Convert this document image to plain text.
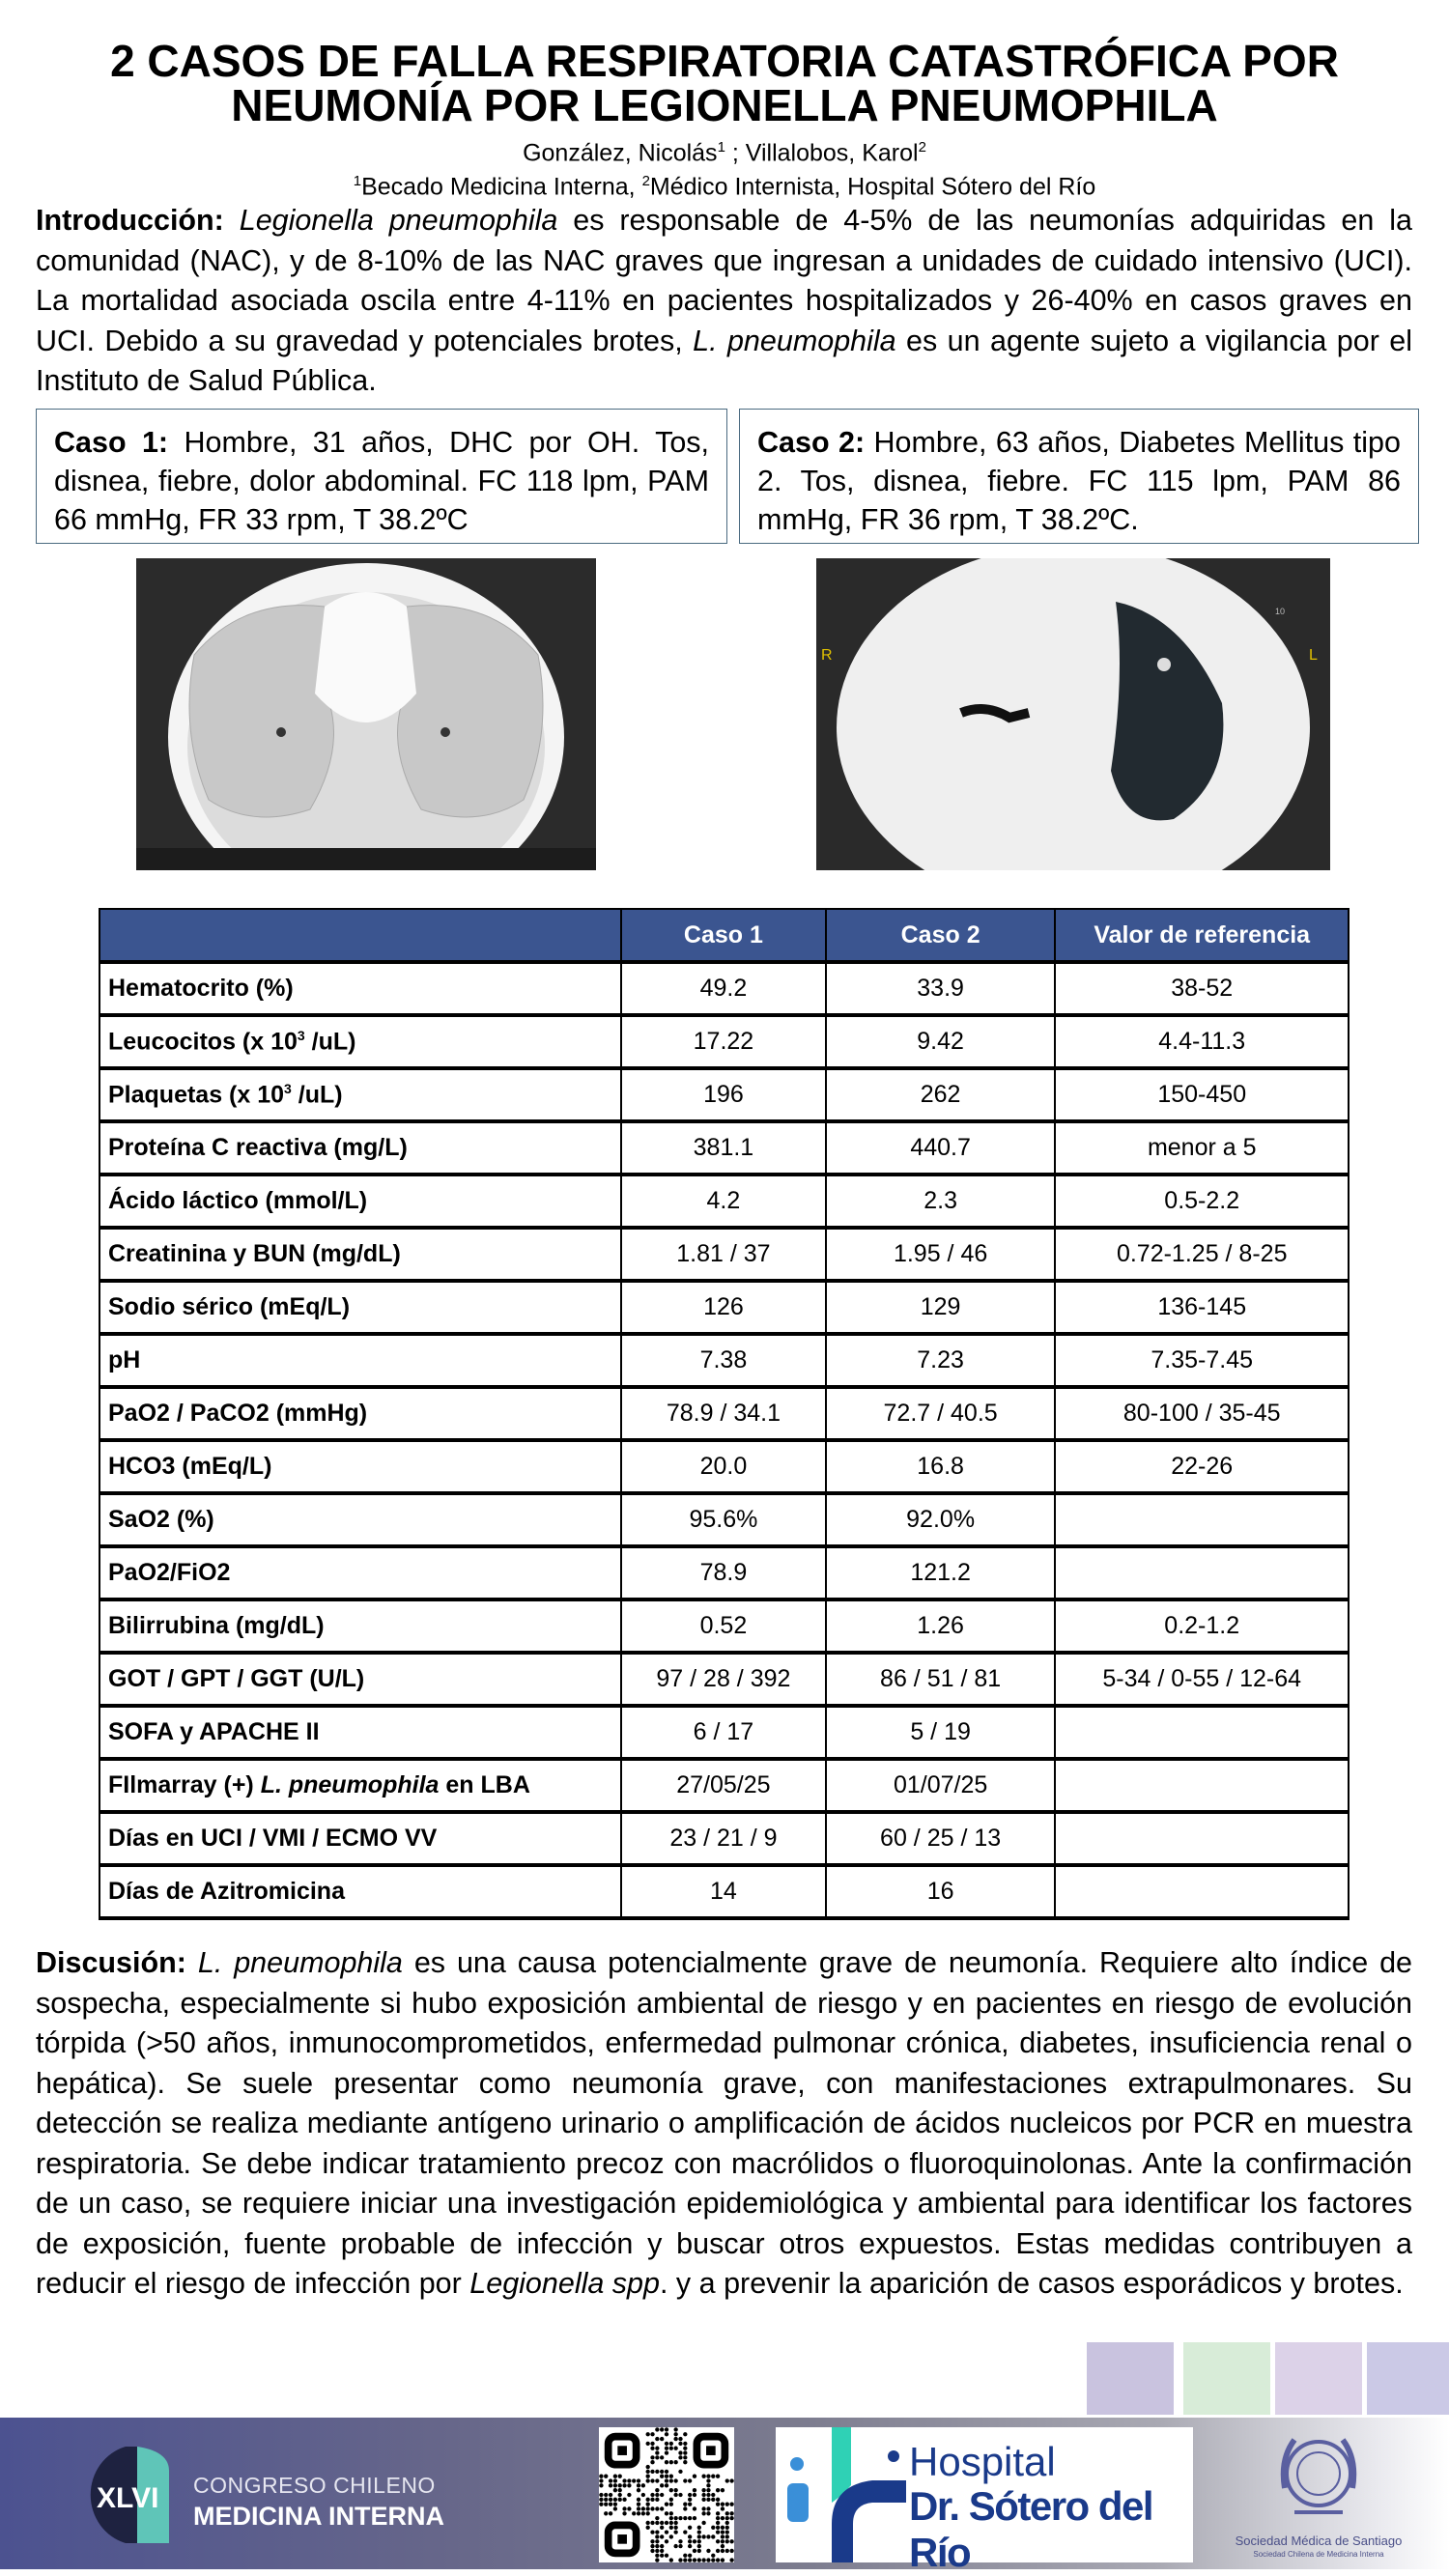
2 CASOS DE FALLA RESPIRATORIA CATASTRÓFICA POR
NEUMONÍA POR LEGIONELLA PNEUMOPHILA
González, Nicolás$^1$ ; Villalobos, Karol$^2$
$^1$Becado Medicina Interna, $^2$Médico Internista, Hospital Sótero del Río
Introducción: Legionella pneumophila es responsable de 4-5% de las neumonías adquiridas en la comunidad (NAC), y de 8-10% de las NAC graves que ingresan a unidades de cuidado intensivo (UCI). La mortalidad asociada oscila entre 4-11% en pacientes hospitalizados y 26-40% en casos graves en UCI. Debido a su gravedad y potenciales brotes, L. pneumophila es un agente sujeto a vigilancia por el Instituto de Salud Pública.
Caso 1: Hombre, 31 años, DHC por OH. Tos, disnea, fiebre, dolor abdominal. FC 118 lpm, PAM 66 mmHg, FR 33 rpm, T 38.2ºC
Caso 2: Hombre, 63 años, Diabetes Mellitus tipo 2. Tos, disnea, fiebre. FC 115 lpm, PAM 86 mmHg, FR 36 rpm, T 38.2ºC.
R	L
10
	Caso 1	Caso 2	Valor de referencia
Hematocrito (%)	49.2	33.9	38-52
Leucocitos (x $10^3$ /uL)	17.22	9.42	4.4-11.3
Plaquetas (x $10^3$ /uL)	196	262	150-450
Proteína C reactiva (mg/L)	381.1	440.7	menor a 5
Ácido láctico (mmol/L)	4.2	2.3	0.5-2.2
Creatinina y BUN (mg/dL)	1.81 / 37	1.95 / 46	0.72-1.25 / 8-25
Sodio sérico (mEq/L)	126	129	136-145
pH	7.38	7.23	7.35-7.45
PaO2 / PaCO2 (mmHg)	78.9 / 34.1	72.7 / 40.5	80-100 / 35-45
HCO3 (mEq/L)	20.0	16.8	22-26
SaO2 (%)	95.6%	92.0%	
PaO2/FiO2	78.9	121.2	
Bilirrubina (mg/dL)	0.52	1.26	0.2-1.2
GOT / GPT / GGT (U/L)	97 / 28 / 392	86 / 51 / 81	5-34 / 0-55 / 12-64
SOFA y APACHE II	6 / 17	5 / 19	
FIlmarray (+) L. pneumophila en LBA	27/05/25	01/07/25	
Días en UCI / VMI / ECMO VV	23 / 21 / 9	60 / 25 / 13	
Días de Azitromicina	14	16	
Discusión: L. pneumophila es una causa potencialmente grave de neumonía. Requiere alto índice de sospecha, especialmente si hubo exposición ambiental de riesgo y en pacientes en riesgo de evolución tórpida (>50 años, inmunocomprometidos, enfermedad pulmonar crónica, diabetes, insuficiencia renal o hepática). Se suele presentar como neumonía grave, con manifestaciones extrapulmonares. Su detección se realiza mediante antígeno urinario o amplificación de ácidos nucleicos por PCR en muestra respiratoria. Se debe indicar tratamiento precoz con macrólidos o fluoroquinolonas. Ante la confirmación de un caso, se requiere iniciar una investigación epidemiológica y ambiental para identificar los factores de exposición, fuente probable de infección y buscar otros expuestos. Estas medidas contribuyen a reducir el riesgo de infección por Legionella spp. y a prevenir la aparición de casos esporádicos y brotes.
XLVI CONGRESO CHILENO
MEDICINA INTERNA
Hospital
Dr. Sótero del Río	Sociedad Médica de Santiago
Sociedad Chilena de Medicina Interna
